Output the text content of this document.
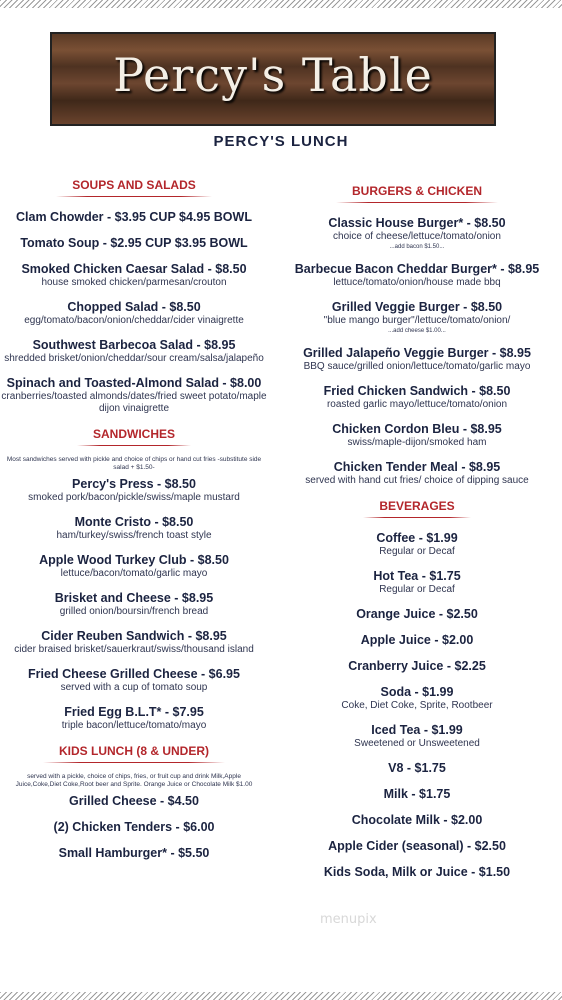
Percy's Table
PERCY'S LUNCH
SOUPS AND SALADS
Clam Chowder - $3.95 CUP $4.95 BOWL
Tomato Soup - $2.95 CUP $3.95 BOWL
Smoked Chicken Caesar Salad - $8.50
house smoked chicken/parmesan/crouton
Chopped Salad - $8.50
egg/tomato/bacon/onion/cheddar/cider vinaigrette
Southwest Barbecoa Salad - $8.95
shredded brisket/onion/cheddar/sour cream/salsa/jalapeño
Spinach and Toasted-Almond Salad - $8.00
cranberries/toasted almonds/dates/fried sweet potato/maple dijon vinaigrette
SANDWICHES
Most sandwiches served with pickle and choice of chips or hand cut fries -substitute side salad + $1.50-
Percy's Press - $8.50
smoked pork/bacon/pickle/swiss/maple mustard
Monte Cristo - $8.50
ham/turkey/swiss/french toast style
Apple Wood Turkey Club - $8.50
lettuce/bacon/tomato/garlic mayo
Brisket and Cheese - $8.95
grilled onion/boursin/french bread
Cider Reuben Sandwich - $8.95
cider braised brisket/sauerkraut/swiss/thousand island
Fried Cheese Grilled Cheese - $6.95
served with a cup of tomato soup
Fried Egg B.L.T* - $7.95
triple bacon/lettuce/tomato/mayo
KIDS LUNCH (8 & UNDER)
served with a pickle, choice of chips, fries, or fruit cup and drink Milk,Apple Juice,Coke,Diet Coke,Root beer and Sprite. Orange Juice or Chocolate Milk $1.00
Grilled Cheese - $4.50
(2) Chicken Tenders - $6.00
Small Hamburger* - $5.50
BURGERS & CHICKEN
Classic House Burger* - $8.50
choice of cheese/lettuce/tomato/onion
...add bacon $1.50...
Barbecue Bacon Cheddar Burger* - $8.95
lettuce/tomato/onion/house made bbq
Grilled Veggie Burger - $8.50
"blue mango burger"/lettuce/tomato/onion/
...add cheese $1.00...
Grilled Jalapeño Veggie Burger - $8.95
BBQ sauce/grilled onion/lettuce/tomato/garlic mayo
Fried Chicken Sandwich - $8.50
roasted garlic mayo/lettuce/tomato/onion
Chicken Cordon Bleu - $8.95
swiss/maple-dijon/smoked ham
Chicken Tender Meal - $8.95
served with hand cut fries/ choice of dipping sauce
BEVERAGES
Coffee - $1.99
Regular or Decaf
Hot Tea - $1.75
Regular or Decaf
Orange Juice - $2.50
Apple Juice - $2.00
Cranberry Juice - $2.25
Soda - $1.99
Coke, Diet Coke, Sprite, Rootbeer
Iced Tea - $1.99
Sweetened or Unsweetened
V8 - $1.75
Milk - $1.75
Chocolate Milk - $2.00
Apple Cider (seasonal) - $2.50
Kids Soda, Milk or Juice - $1.50
menupix
